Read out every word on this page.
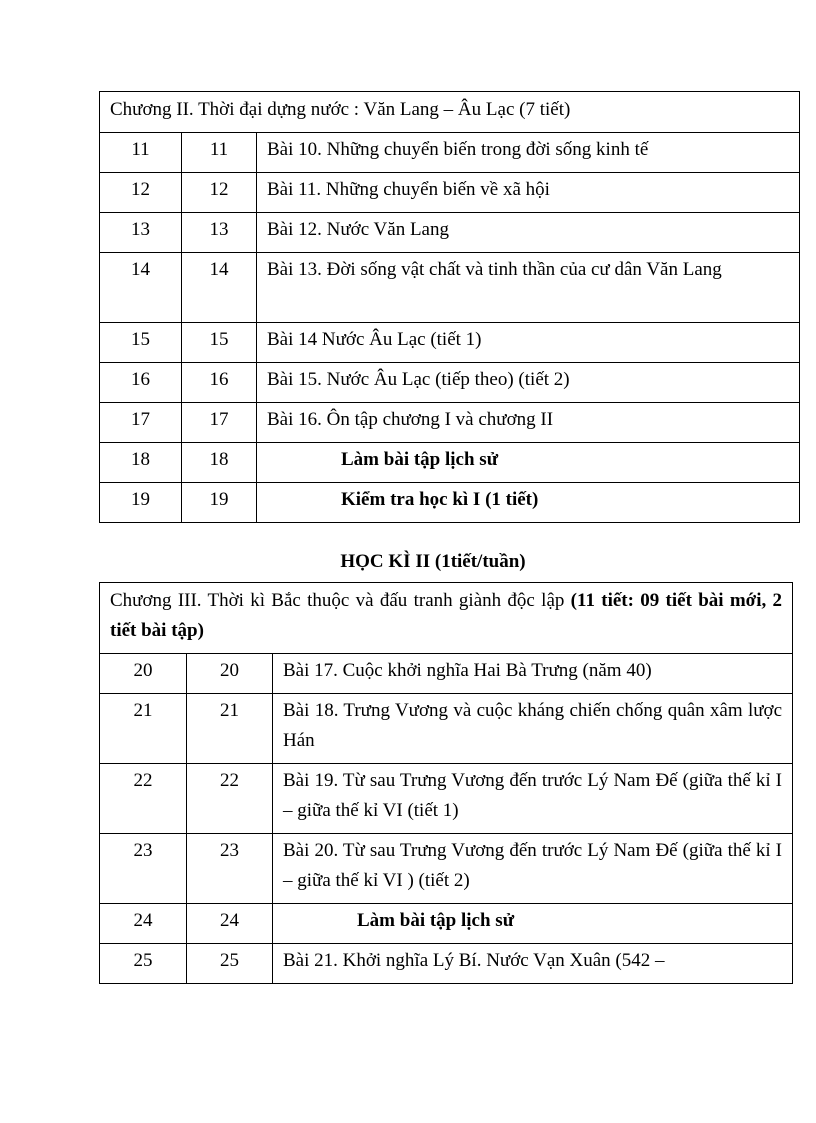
Chương II. Thời đại dựng nước : Văn Lang – Âu Lạc (7 tiết)		
11	11	Bài 10. Những chuyển biến trong đời sống kinh tế
12	12	Bài 11. Những chuyển biến về xã hội
13	13	Bài 12. Nước Văn Lang
14	14	Bài 13. Đời sống vật chất và tinh thần của cư dân Văn Lang
15	15	Bài 14 Nước Âu Lạc (tiết 1)
16	16	Bài 15. Nước Âu Lạc (tiếp theo) (tiết 2)
17	17	Bài 16. Ôn tập chương I và chương II
18	18	Làm bài tập lịch sử
19	19	Kiểm tra học kì I (1 tiết)
HỌC KÌ II (1tiết/tuần)
Chương III. Thời kì Bắc thuộc và đấu tranh giành độc lập (11 tiết: 09 tiết bài mới, 2 tiết bài tập)		
20	20	Bài 17. Cuộc khởi nghĩa Hai Bà Trưng (năm 40)
21	21	Bài 18. Trưng Vương và cuộc kháng chiến chống quân xâm lược Hán
22	22	Bài 19. Từ sau Trưng Vương đến trước Lý Nam Đế (giữa thế kỉ I – giữa thế kỉ VI (tiết 1)
23	23	Bài 20. Từ sau Trưng Vương đến trước Lý Nam Đế (giữa thế kỉ I – giữa thế kỉ VI ) (tiết 2)
24	24	Làm bài tập lịch sử
25	25	Bài 21. Khởi nghĩa Lý Bí. Nước Vạn Xuân (542 –
